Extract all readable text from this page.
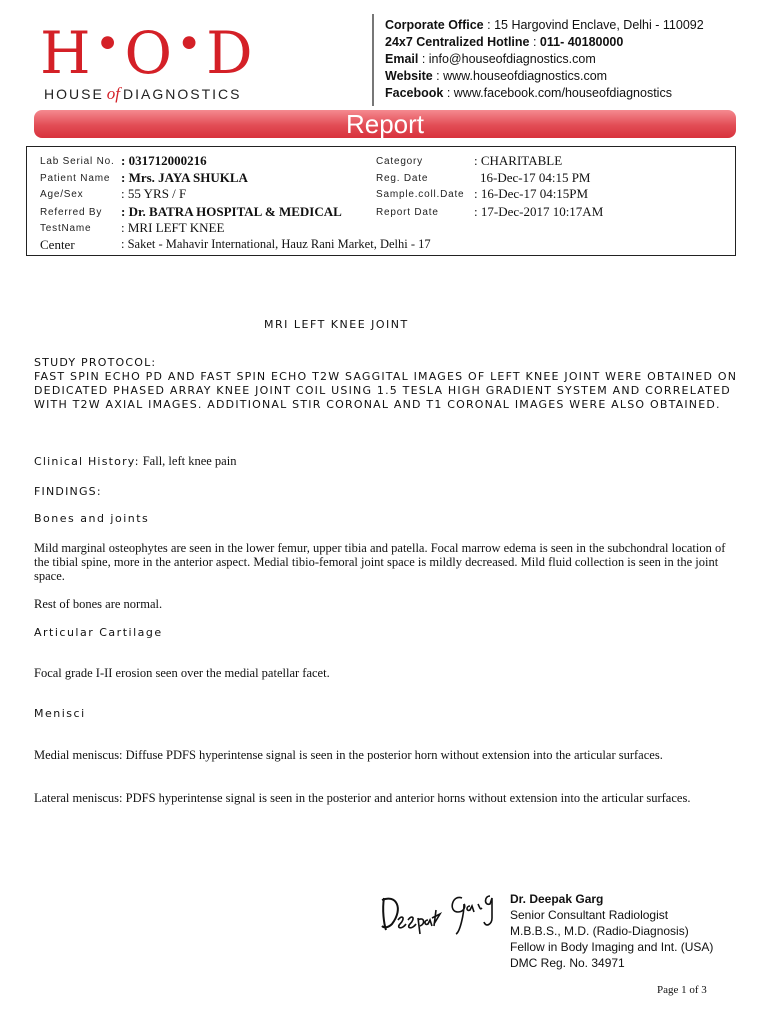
H•O•D
HOUSE of DIAGNOSTICS
Corporate Office : 15 Hargovind Enclave, Delhi - 110092
24x7 Centralized Hotline : 011- 40180000
Email : info@houseofdiagnostics.com
Website : www.houseofdiagnostics.com
Facebook : www.facebook.com/houseofdiagnostics
Report
Lab Serial No. : 031712000216
Patient Name : Mrs. JAYA SHUKLA
Age/Sex	: 55 YRS / F
Referred By : Dr. BATRA HOSPITAL & MEDICAL
TestName : MRI LEFT KNEE
Center	: Saket - Mahavir International, Hauz Rani Market, Delhi - 17
Category	: CHARITABLE
Reg. Date	16-Dec-17 04:15 PM
Sample.coll.Date : 16-Dec-17 04:15PM
Report Date	: 17-Dec-2017 10:17AM
MRI LEFT KNEE JOINT
STUDY PROTOCOL:
FAST SPIN ECHO PD AND FAST SPIN ECHO T2W SAGGITAL IMAGES OF LEFT KNEE JOINT WERE OBTAINED ON DEDICATED PHASED ARRAY KNEE JOINT COIL USING 1.5 TESLA HIGH GRADIENT SYSTEM AND CORRELATED WITH T2W AXIAL IMAGES. ADDITIONAL STIR CORONAL AND T1 CORONAL IMAGES WERE ALSO OBTAINED.
Clinical History: Fall, left knee pain
FINDINGS:
Bones and joints
Mild marginal osteophytes are seen in the lower femur, upper tibia and patella. Focal marrow edema is seen in the subchondral location of the tibial spine, more in the anterior aspect. Medial tibio-femoral joint space is mildly decreased. Mild fluid collection is seen in the joint space.
Rest of bones are normal.
Articular Cartilage
Focal grade I-II erosion seen over the medial patellar facet.
Menisci
Medial meniscus: Diffuse PDFS hyperintense signal is seen in the posterior horn without extension into the articular surfaces.
Lateral meniscus: PDFS hyperintense signal is seen in the posterior and anterior horns without extension into the articular surfaces.
Dr. Deepak Garg
Senior Consultant Radiologist
M.B.B.S., M.D. (Radio-Diagnosis)
Fellow in Body Imaging and Int. (USA)
DMC Reg. No. 34971
Page 1 of 3
